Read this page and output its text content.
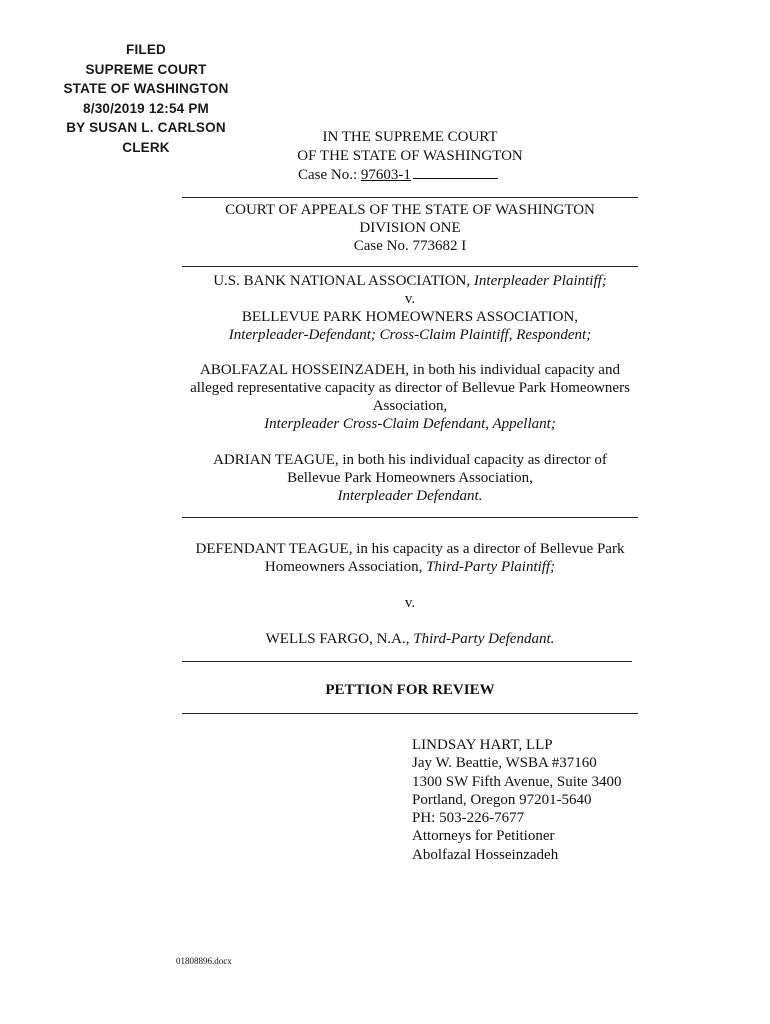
FILED
SUPREME COURT
STATE OF WASHINGTON
8/30/2019 12:54 PM
BY SUSAN L. CARLSON
CLERK
IN THE SUPREME COURT
OF THE STATE OF WASHINGTON
Case No.: 97603-1

COURT OF APPEALS OF THE STATE OF WASHINGTON

DIVISION ONE

Case No. 773682 I

U.S. BANK NATIONAL ASSOCIATION, Interpleader Plaintiff;

v.

BELLEVUE PARK HOMEOWNERS ASSOCIATION,

Interpleader-Defendant; Cross-Claim Plaintiff, Respondent;

ABOLFAZAL HOSSEINZADEH, in both his individual capacity and

alleged representative capacity as director of Bellevue Park Homeowners

Association,

Interpleader Cross-Claim Defendant, Appellant;

ADRIAN TEAGUE, in both his individual capacity as director of

Bellevue Park Homeowners Association,

Interpleader Defendant.

DEFENDANT TEAGUE, in his capacity as a director of Bellevue Park

Homeowners Association, Third-Party Plaintiff;

v.

WELLS FARGO, N.A., Third-Party Defendant.

PETTION FOR REVIEW
LINDSAY HART, LLP
Jay W. Beattie, WSBA #37160
1300 SW Fifth Avenue, Suite 3400
Portland, Oregon 97201-5640
PH: 503-226-7677
Attorneys for Petitioner
Abolfazal Hosseinzadeh
01808896.docx
